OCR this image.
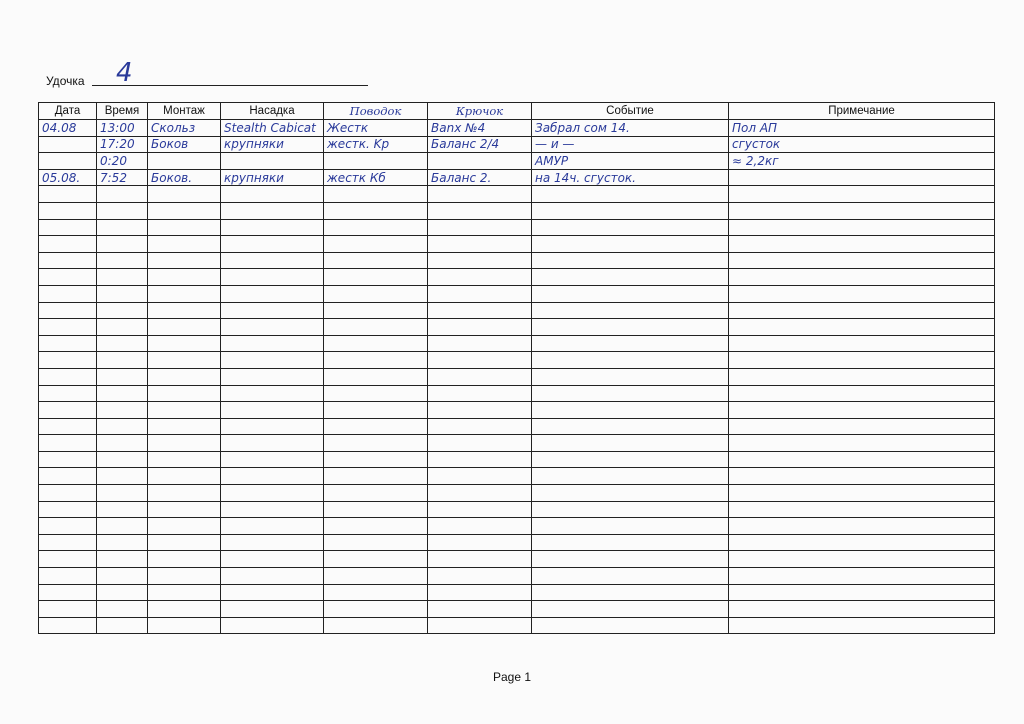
Удочка 4
Дата	Время	Монтаж	Насадка	Поводок	Крючок	Событие	Примечание
04.08	13:00	Скольз	Stealth Cabicat	Жестк	Banx №4	Забрал сом 14.	Пол АП
	17:20	Боков	крупняки	жестк. Kp	Баланс 2/4	— и —	сгусток
	0:20					АМУР	≈ 2,2кг
05.08.	7:52	Боков.	крупняки	жестк Кб	Баланс 2.	на 14ч. сгусток.	

Page 1
